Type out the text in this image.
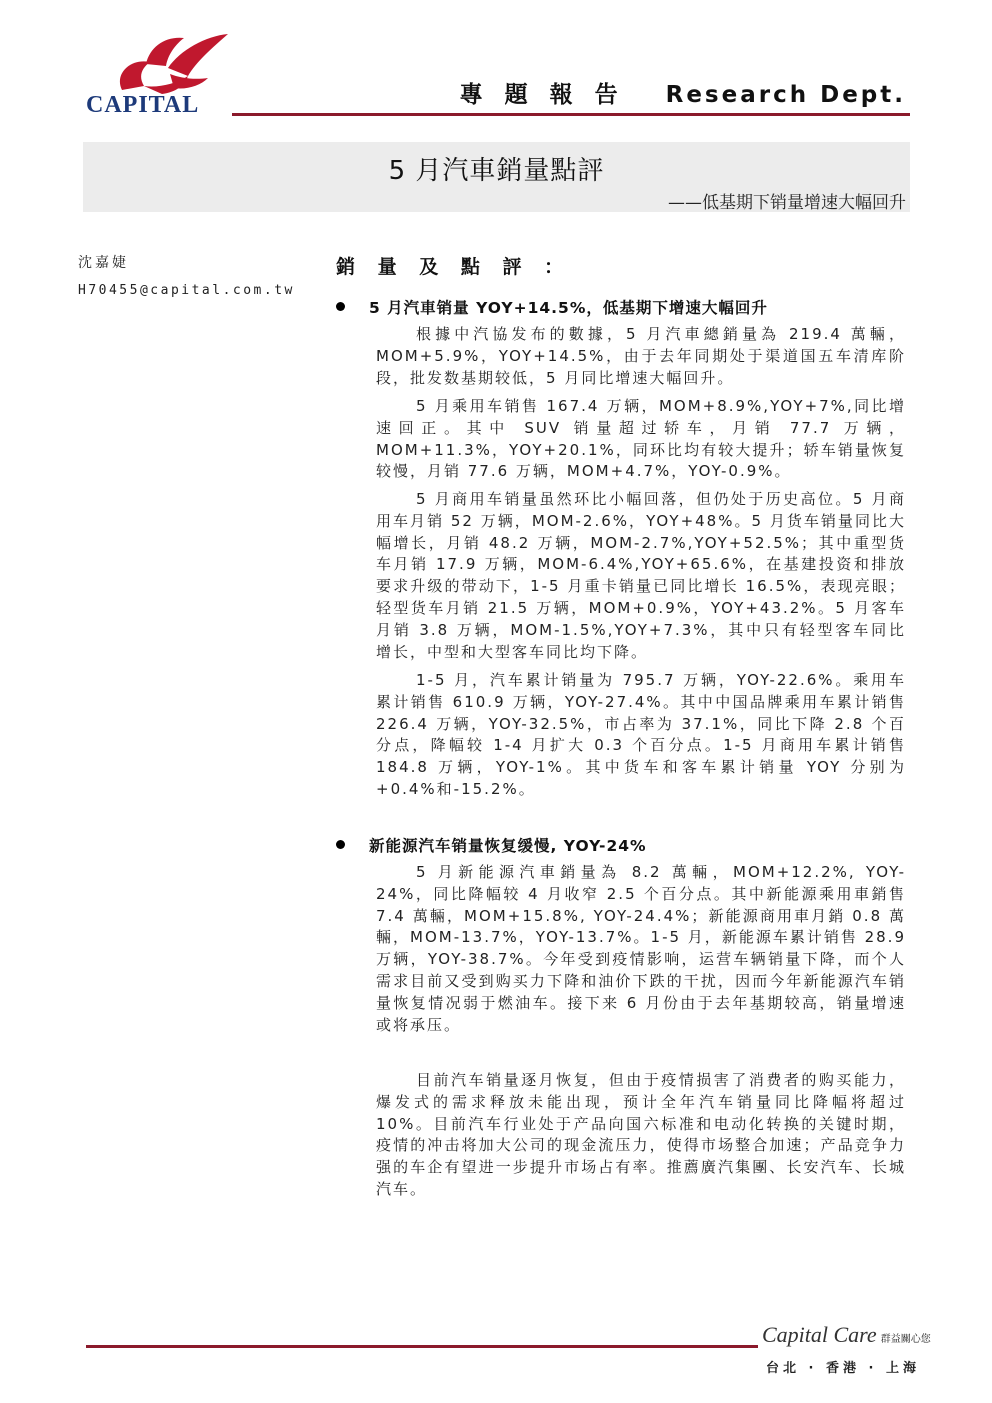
CAPITAL	專 題 報 告	Research Dept.
5 月汽車銷量點評
——低基期下销量增速大幅回升
沈嘉婕
H70455@capital.com.tw
銷 量 及 點 評 ：
5 月汽車销量 YOY+14.5%，低基期下增速大幅回升

根據中汽協发布的數據，5 月汽車總銷量為 219.4 萬輛，MOM+5.9%，YOY+14.5%，由于去年同期处于渠道国五车清库阶段，批发数基期较低，5 月同比增速大幅回升。

5 月乘用车销售 167.4 万辆，MOM+8.9%,YOY+7%,同比增速回正。其中 SUV 销量超过轿车，月销 77.7 万辆，MOM+11.3%，YOY+20.1%，同环比均有较大提升；轿车销量恢复较慢，月销 77.6 万辆，MOM+4.7%，YOY-0.9%。

5 月商用车销量虽然环比小幅回落，但仍处于历史高位。5 月商用车月销 52 万辆，MOM-2.6%，YOY+48%。5 月货车销量同比大幅增长，月销 48.2 万辆，MOM-2.7%,YOY+52.5%；其中重型货车月销 17.9 万辆，MOM-6.4%,YOY+65.6%，在基建投资和排放要求升级的带动下，1-5 月重卡销量已同比增长 16.5%，表现亮眼；轻型货车月销 21.5 万辆，MOM+0.9%，YOY+43.2%。5 月客车月销 3.8 万辆，MOM-1.5%,YOY+7.3%，其中只有轻型客车同比增长，中型和大型客车同比均下降。

1-5 月，汽车累计销量为 795.7 万辆，YOY-22.6%。乘用车累计销售 610.9 万辆，YOY-27.4%。其中中国品牌乘用车累计销售 226.4 万辆，YOY-32.5%，市占率为 37.1%，同比下降 2.8 个百分点，降幅较 1-4 月扩大 0.3 个百分点。1-5 月商用车累计销售 184.8 万辆，YOY-1%。其中货车和客车累计销量 YOY 分别为+0.4%和-15.2%。

新能源汽车销量恢复缓慢, YOY-24%

5 月新能源汽車銷量為 8.2 萬輛，MOM+12.2%, YOY-24%，同比降幅较 4 月收窄 2.5 个百分点。其中新能源乘用車銷售 7.4 萬輛，MOM+15.8%, YOY-24.4%；新能源商用車月銷 0.8 萬輛，MOM-13.7%，YOY-13.7%。1-5 月，新能源车累计销售 28.9 万辆，YOY-38.7%。今年受到疫情影响，运营车辆销量下降，而个人需求目前又受到购买力下降和油价下跌的干扰，因而今年新能源汽车销量恢复情况弱于燃油车。接下来 6 月份由于去年基期较高，销量增速或将承压。

目前汽车销量逐月恢复，但由于疫情损害了消费者的购买能力，爆发式的需求释放未能出现，预计全年汽车销量同比降幅将超过 10%。目前汽车行业处于产品向国六标准和电动化转换的关键时期，疫情的冲击将加大公司的现金流压力，使得市场整合加速；产品竞争力强的车企有望进一步提升市场占有率。推薦廣汽集團、长安汽车、长城汽车。

Capital Care 群益關心您
台北 · 香港 · 上海
